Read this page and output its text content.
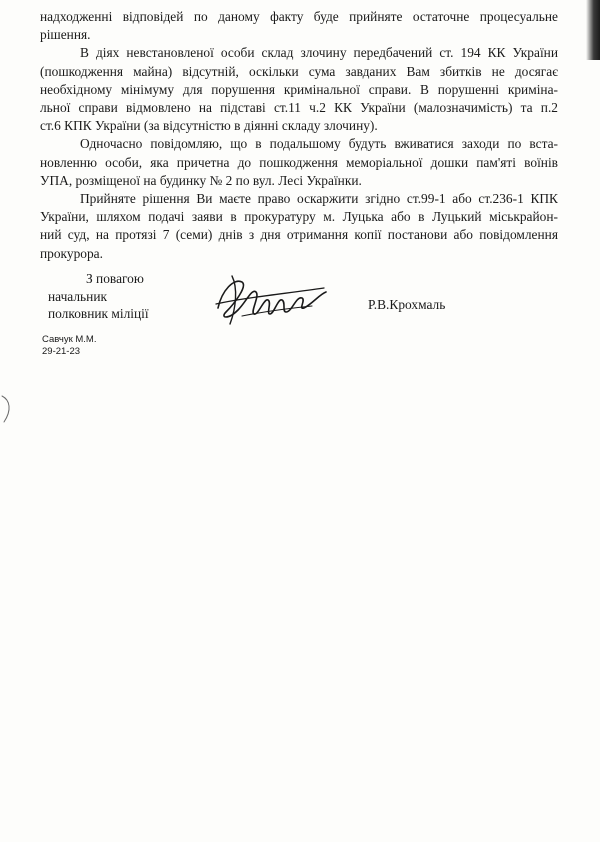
надходженні відповідей по даному факту буде прийняте остаточне процесуальне
рішення.
В діях невстановленої особи склад злочину передбачений ст. 194 КК України
(пошкодження майна) відсутній, оскільки сума завданих Вам збитків не досягає
необхідному мінімуму для порушення кримінальної справи. В порушенні криміна-
льної справи відмовлено на підставі ст.11 ч.2 КК України (малозначимість) та п.2
ст.6 КПК України (за відсутністю в діянні складу злочину).
Одночасно повідомляю, що в подальшому будуть вживатися заходи по вста-
новленню особи, яка причетна до пошкодження меморіальної дошки пам'яті воїнів
УПА, розміщеної на будинку № 2 по вул. Лесі Українки.
Прийняте рішення Ви маєте право оскаржити згідно ст.99-1 або ст.236-1 КПК
України, шляхом подачі заяви в прокуратуру м. Луцька або в Луцький міськрайон-
ний суд, на протязі 7 (семи) днів з дня отримання копії постанови або повідомлення
прокурора.
З повагою
начальник
полковник міліції
Р.В.Крохмаль
Савчук М.М.
29-21-23
